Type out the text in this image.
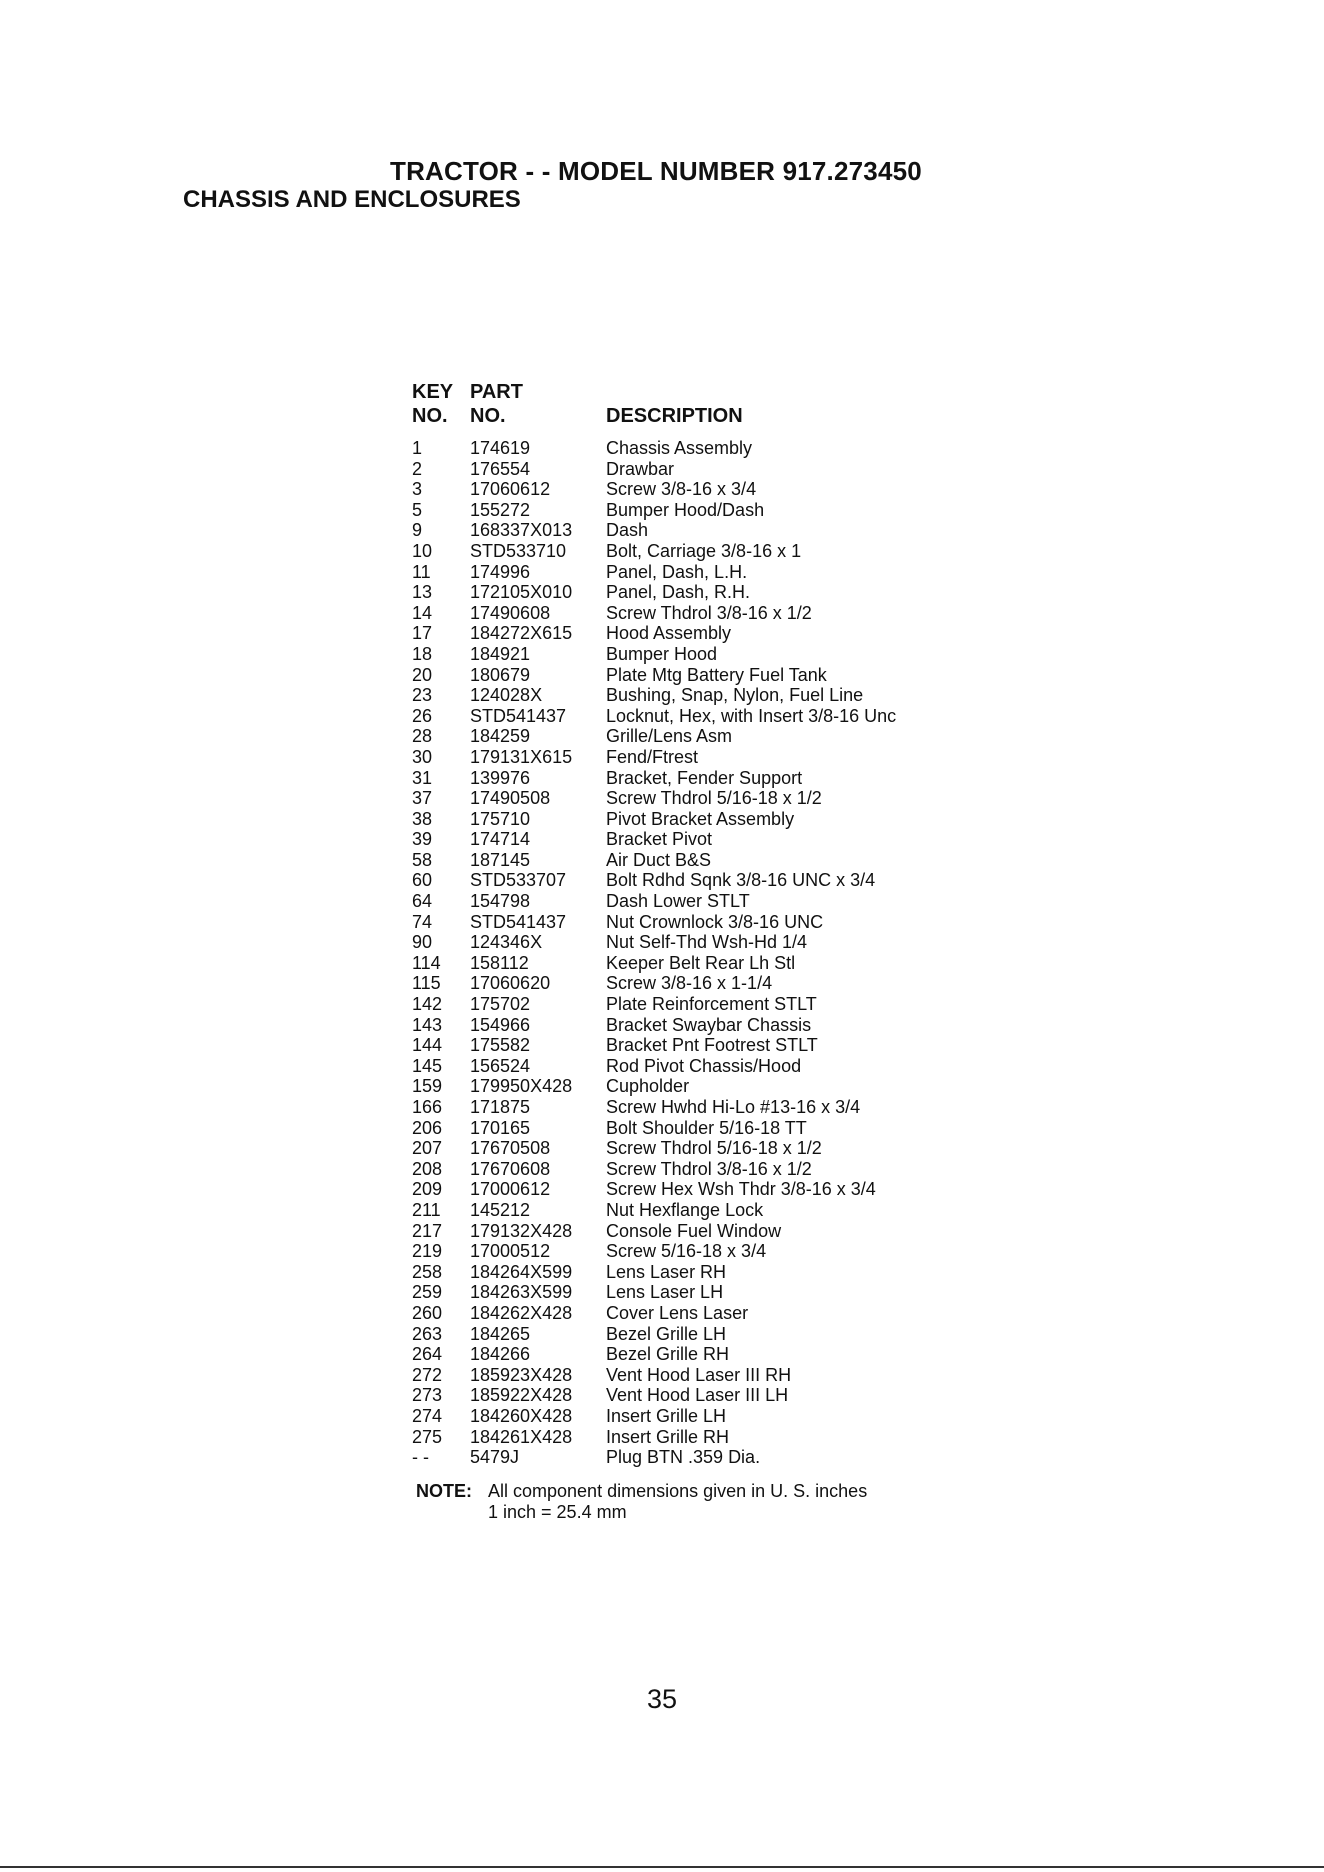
TRACTOR - - MODEL NUMBER 917.273450
CHASSIS AND ENCLOSURES
KEY PART
NO.	NO.	DESCRIPTION
1	174619	Chassis Assembly
2	176554	Drawbar
3	17060612	Screw 3/8-16 x 3/4
5	155272	Bumper Hood/Dash
9	168337X013	Dash
10	STD533710	Bolt, Carriage 3/8-16 x 1
11	174996	Panel, Dash, L.H.
13	172105X010	Panel, Dash, R.H.
14	17490608	Screw Thdrol 3/8-16 x 1/2
17	184272X615	Hood Assembly
18	184921	Bumper Hood
20	180679	Plate Mtg Battery Fuel Tank
23	124028X	Bushing, Snap, Nylon, Fuel Line
26	STD541437	Locknut, Hex, with Insert 3/8-16 Unc
28	184259	Grille/Lens Asm
30	179131X615	Fend/Ftrest
31	139976	Bracket, Fender Support
37	17490508	Screw Thdrol 5/16-18 x 1/2
38	175710	Pivot Bracket Assembly
39	174714	Bracket Pivot
58	187145	Air Duct B&S
60	STD533707	Bolt Rdhd Sqnk 3/8-16 UNC x 3/4
64	154798	Dash Lower STLT
74	STD541437	Nut Crownlock 3/8-16 UNC
90	124346X	Nut Self-Thd Wsh-Hd 1/4
114	158112	Keeper Belt Rear Lh Stl
115	17060620	Screw 3/8-16 x 1-1/4
142	175702	Plate Reinforcement STLT
143	154966	Bracket Swaybar Chassis
144	175582	Bracket Pnt Footrest STLT
145	156524	Rod Pivot Chassis/Hood
159	179950X428	Cupholder
166	171875	Screw Hwhd Hi-Lo #13-16 x 3/4
206	170165	Bolt Shoulder 5/16-18 TT
207	17670508	Screw Thdrol 5/16-18 x 1/2
208	17670608	Screw Thdrol 3/8-16 x 1/2
209	17000612	Screw Hex Wsh Thdr 3/8-16 x 3/4
211	145212	Nut Hexflange Lock
217	179132X428	Console Fuel Window
219	17000512	Screw 5/16-18 x 3/4
258	184264X599	Lens Laser RH
259	184263X599	Lens Laser LH
260	184262X428	Cover Lens Laser
263	184265	Bezel Grille LH
264	184266	Bezel Grille RH
272	185923X428	Vent Hood Laser III RH
273	185922X428	Vent Hood Laser III LH
274	184260X428	Insert Grille LH
275	184261X428	Insert Grille RH
- -	5479J	Plug BTN .359 Dia.
NOTE: All component dimensions given in U. S. inches 1 inch = 25.4 mm
35
